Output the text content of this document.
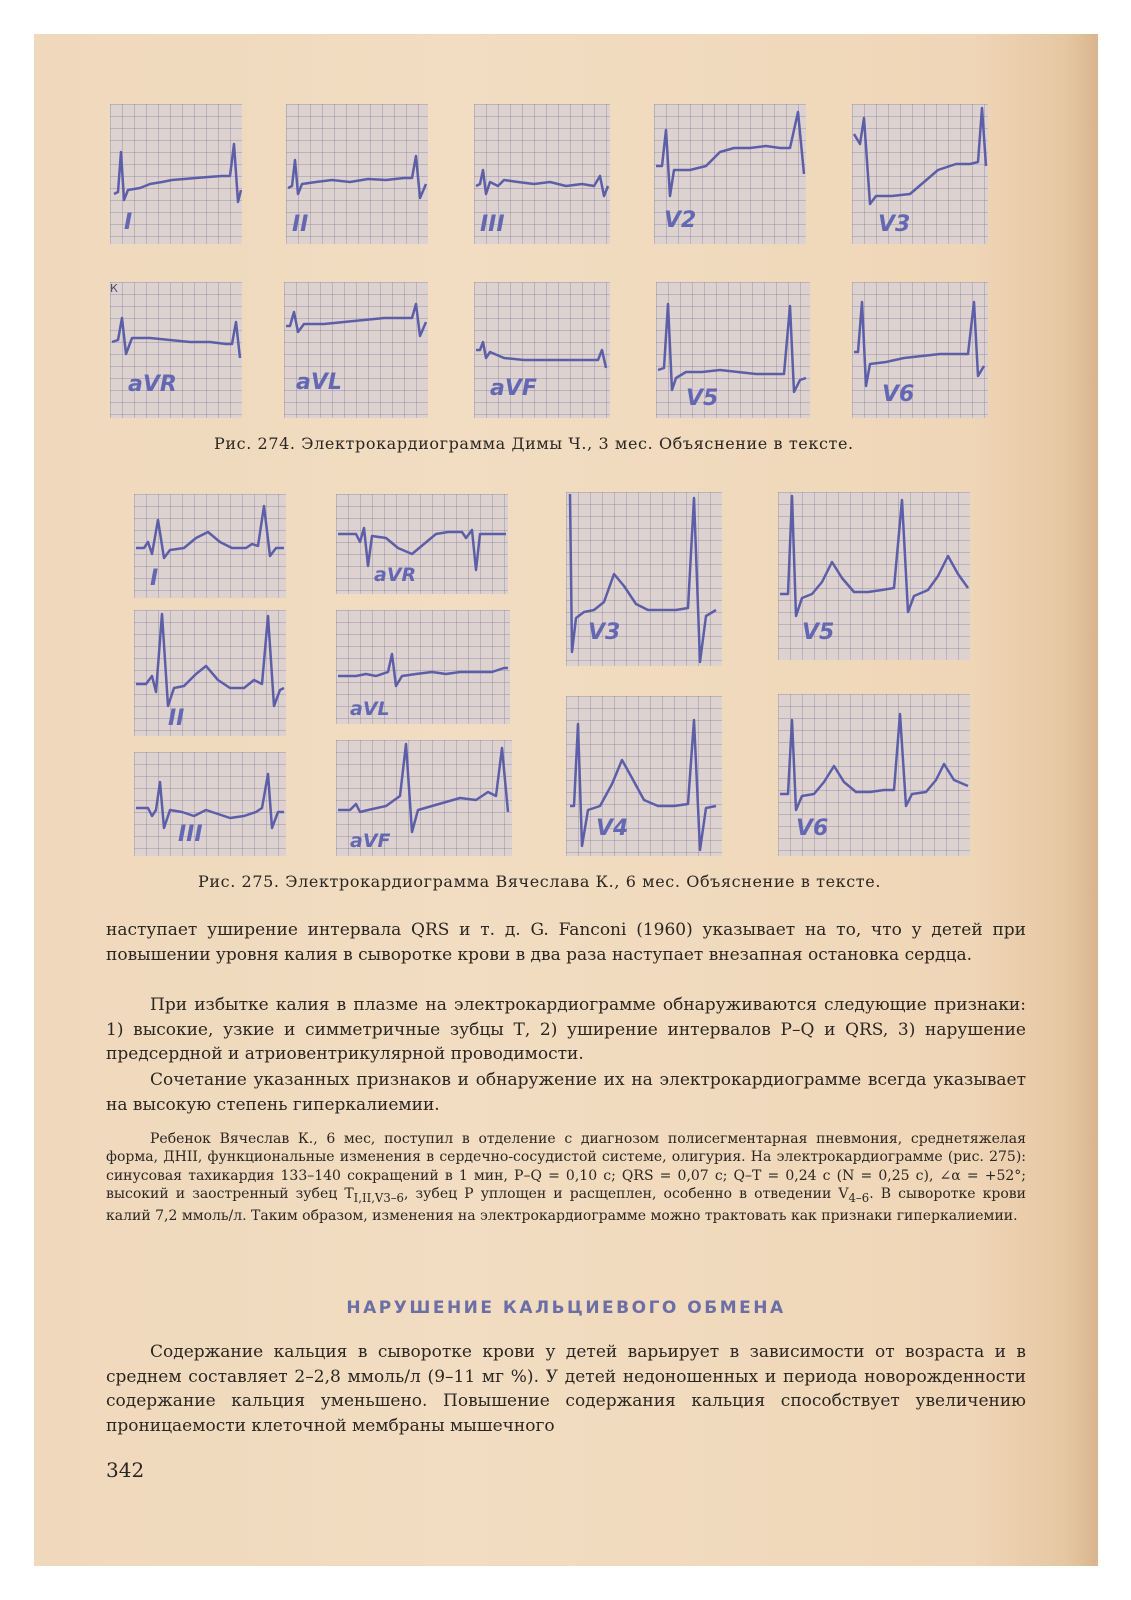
I	II	III	V2	V3
aVR
К
aVL	aVF	V5	V6
Рис. 274. Электрокардиограмма Димы Ч., 3 мес. Объяснение в тексте.
I	aVR
V3	V5
II	aVL
III	aVF	V4	V6
Рис. 275. Электрокардиограмма Вячеслава К., 6 мес. Объяснение в тексте.

наступает уширение интервала QRS и т. д. G. Fanconi (1960) указывает на то, что у детей при повышении уровня калия в сыворотке крови в два раза наступает внезапная остановка сердца.

При избытке калия в плазме на электрокардиограмме обнаруживаются следующие признаки: 1) высокие, узкие и симметричные зубцы Т, 2) уширение интервалов Р–Q и QRS, 3) нарушение предсердной и атриовентрикулярной проводимости.

Сочетание указанных признаков и обнаружение их на электрокардиограмме всегда указывает на высокую степень гиперкалиемии.

Ребенок Вячеслав К., 6 мес, поступил в отделение с диагнозом полисегментарная пневмония, среднетяжелая форма, ДНII, функциональные изменения в сердечно-сосудистой системе, олигурия. На электрокардиограмме (рис. 275): синусовая тахикардия 133–140 сокращений в 1 мин, Р–Q = 0,10 с; QRS = 0,07 с; Q–T = 0,24 с (N = 0,25 с), ∠α = +52°; высокий и заостренный зубец $Т_{I,II,V3-6}$, зубец Р уплощен и расщеплен, особенно в отведении $V_{4-6}$. В сыворотке крови калий 7,2 ммоль/л. Таким образом, изменения на электрокардиограмме можно трактовать как признаки гиперкалиемии.

НАРУШЕНИЕ КАЛЬЦИЕВОГО ОБМЕНА

Содержание кальция в сыворотке крови у детей варьирует в зависимости от возраста и в среднем составляет 2–2,8 ммоль/л (9–11 мг %). У детей недоношенных и периода новорожденности содержание кальция уменьшено. Повышение содержания кальция способствует увеличению проницаемости клеточной мембраны мышечного

342
